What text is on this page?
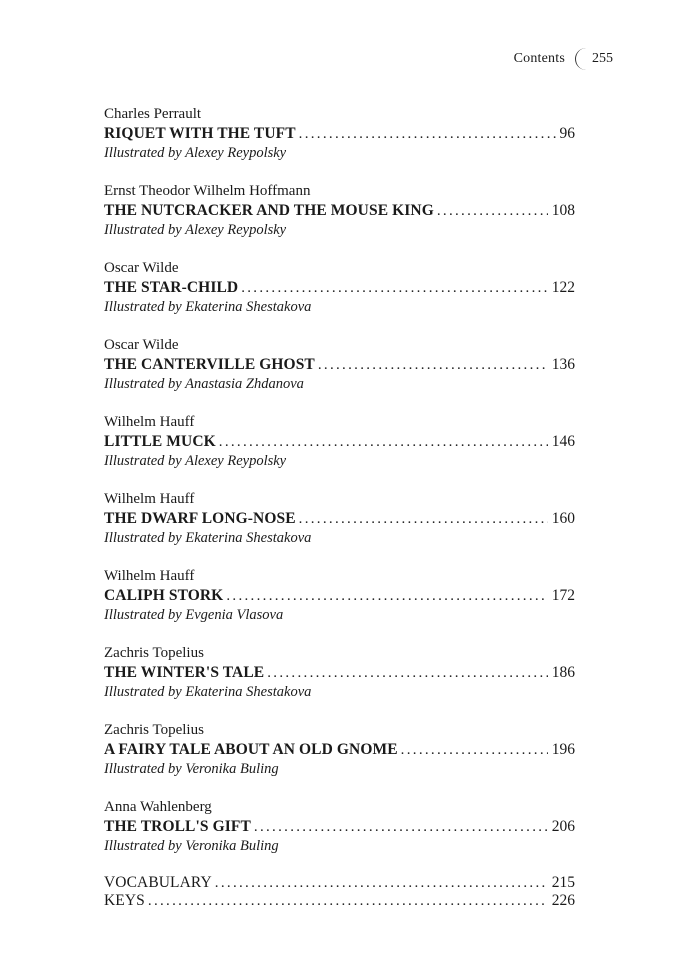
Contents 255
Charles Perrault
RIQUET WITH THE TUFT .....	96
Illustrated by Alexey Reypolsky
Ernst Theodor Wilhelm Hoffmann
THE NUTCRACKER AND THE MOUSE KING .....	108
Illustrated by Alexey Reypolsky
Oscar Wilde
THE STAR-CHILD .....	122
Illustrated by Ekaterina Shestakova
Oscar Wilde
THE CANTERVILLE GHOST .....	136
Illustrated by Anastasia Zhdanova
Wilhelm Hauff
LITTLE MUCK .....	146
Illustrated by Alexey Reypolsky
Wilhelm Hauff
THE DWARF LONG-NOSE .....	160
Illustrated by Ekaterina Shestakova
Wilhelm Hauff
CALIPH STORK .....	172
Illustrated by Evgenia Vlasova
Zachris Topelius
THE WINTER'S TALE .....	186
Illustrated by Ekaterina Shestakova
Zachris Topelius
A FAIRY TALE ABOUT AN OLD GNOME .....	196
Illustrated by Veronika Buling
Anna Wahlenberg
THE TROLL'S GIFT .....	206
Illustrated by Veronika Buling
VOCABULARY .....	215
KEYS .....	226
